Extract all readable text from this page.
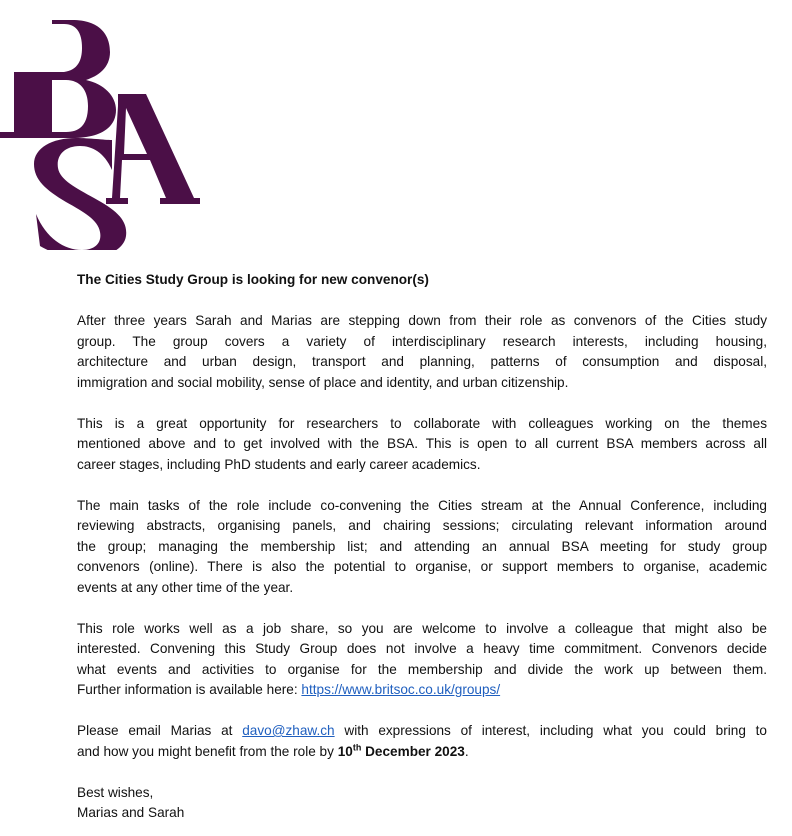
The Cities Study Group is looking for new convenor(s)
After three years Sarah and Marias are stepping down from their role as convenors of the Cities study
group. The group covers a variety of interdisciplinary research interests, including housing,
architecture and urban design, transport and planning, patterns of consumption and disposal,
immigration and social mobility, sense of place and identity, and urban citizenship.
This is a great opportunity for researchers to collaborate with colleagues working on the themes
mentioned above and to get involved with the BSA. This is open to all current BSA members across all
career stages, including PhD students and early career academics.
The main tasks of the role include co-convening the Cities stream at the Annual Conference, including
reviewing abstracts, organising panels, and chairing sessions; circulating relevant information around
the group; managing the membership list; and attending an annual BSA meeting for study group
convenors (online). There is also the potential to organise, or support members to organise, academic
events at any other time of the year.
This role works well as a job share, so you are welcome to involve a colleague that might also be
interested. Convening this Study Group does not involve a heavy time commitment. Convenors decide
what events and activities to organise for the membership and divide the work up between them.
Further information is available here: https://www.britsoc.co.uk/groups/
Please email Marias at davo@zhaw.ch with expressions of interest, including what you could bring to
and how you might benefit from the role by 10th December 2023.
Best wishes,
Marias and Sarah
